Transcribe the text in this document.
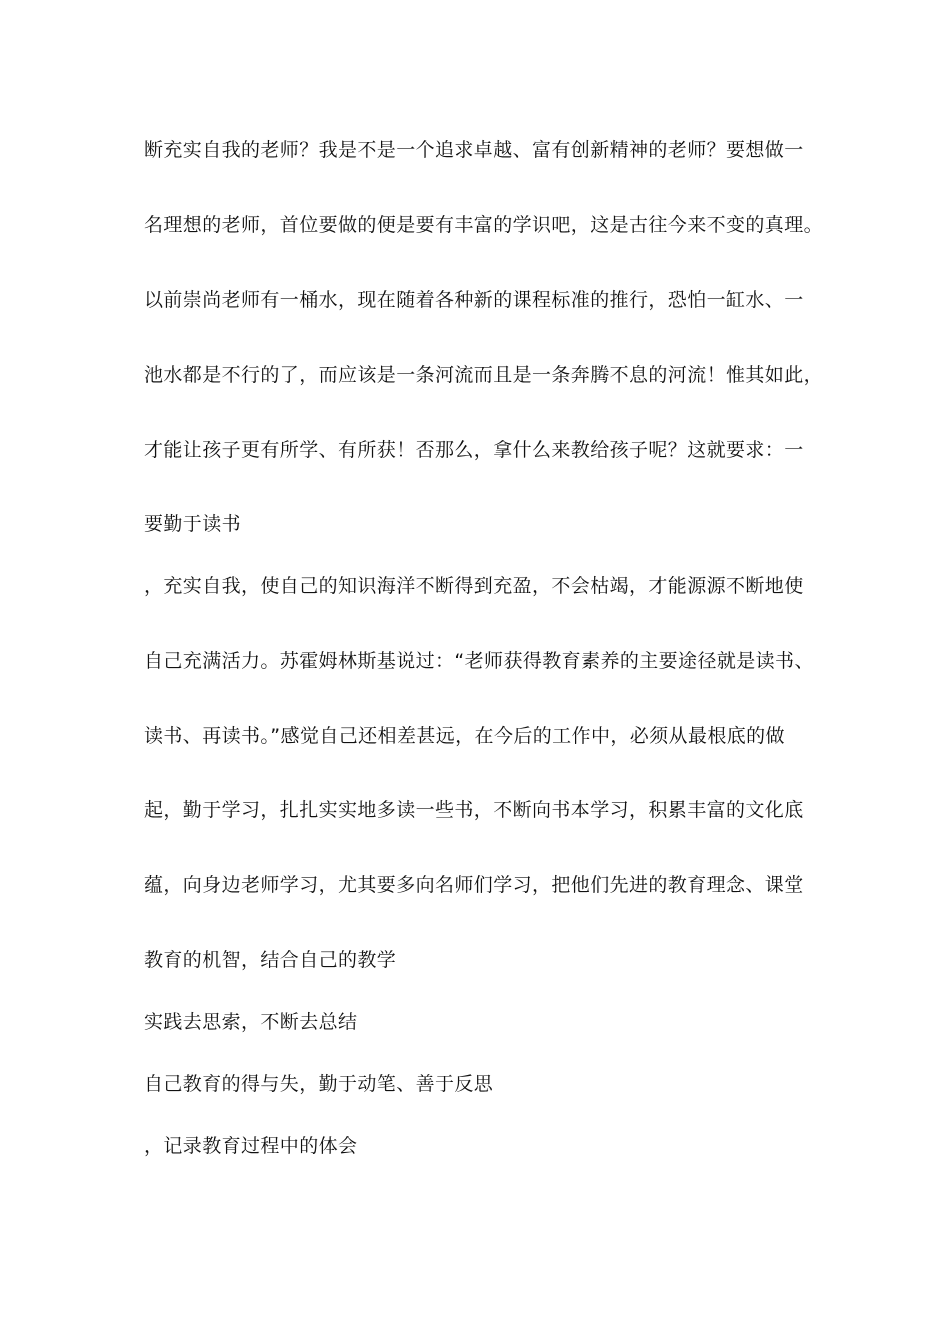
断充实自我的老师？我是不是一个追求卓越、富有创新精神的老师？要想做一

名理想的老师，首位要做的便是要有丰富的学识吧，这是古往今来不变的真理。

以前崇尚老师有一桶水，现在随着各种新的课程标准的推行，恐怕一缸水、一

池水都是不行的了，而应该是一条河流而且是一条奔腾不息的河流！惟其如此，

才能让孩子更有所学、有所获！否那么，拿什么来教给孩子呢？这就要求：一

要勤于读书

，充实自我，使自己的知识海洋不断得到充盈，不会枯竭，才能源源不断地使

自己充满活力。苏霍姆林斯基说过：“老师获得教育素养的主要途径就是读书、

读书、再读书。”感觉自己还相差甚远，在今后的工作中，必须从最根底的做

起，勤于学习，扎扎实实地多读一些书，不断向书本学习，积累丰富的文化底

蕴，向身边老师学习，尤其要多向名师们学习，把他们先进的教育理念、课堂

教育的机智，结合自己的教学

实践去思索，不断去总结

自己教育的得与失，勤于动笔、善于反思

，记录教育过程中的体会
